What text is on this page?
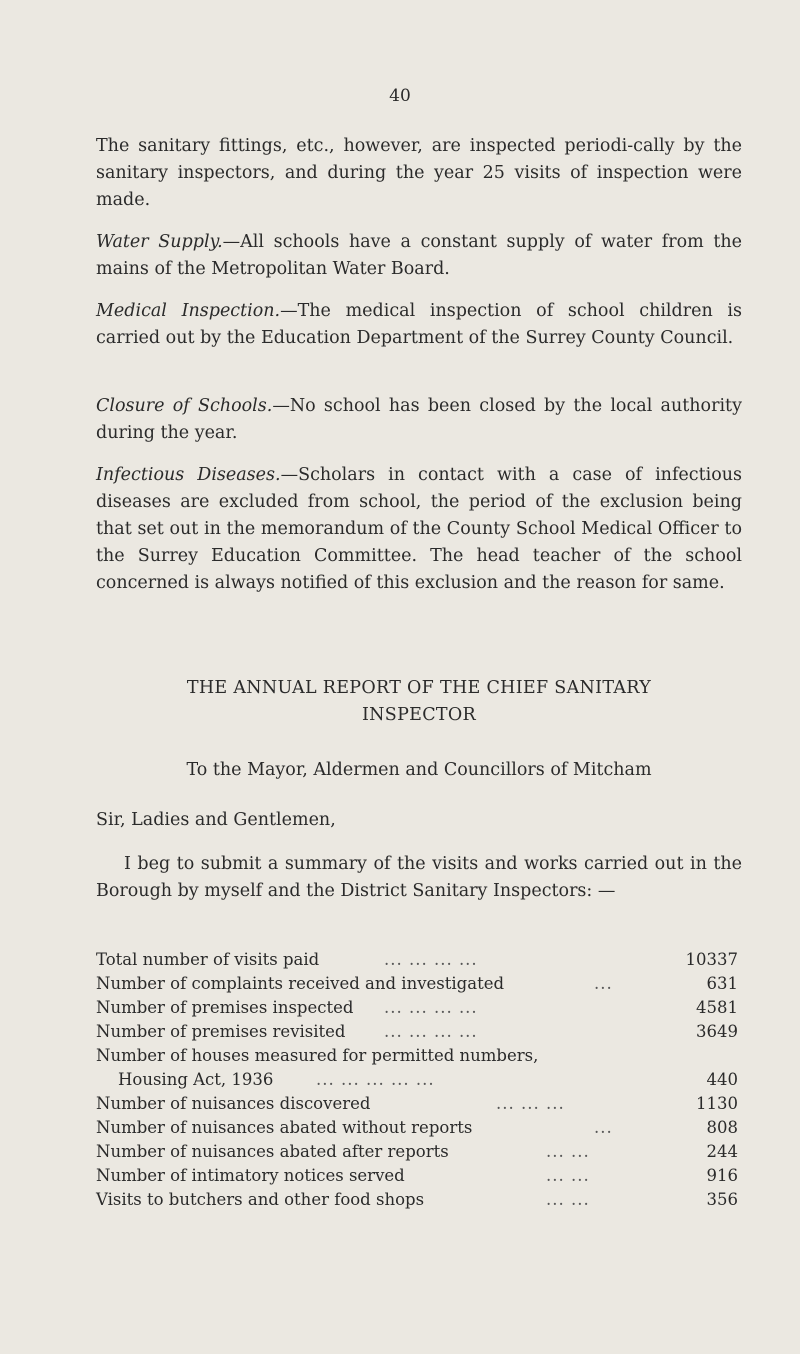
40

The sanitary fittings, etc., however, are inspected periodi-cally by the sanitary inspectors, and during the year 25 visits of inspection were made.

Water Supply.—All schools have a constant supply of water from the mains of the Metropolitan Water Board.

Medical Inspection.—The medical inspection of school children is carried out by the Education Department of the Surrey County Council.

Closure of Schools.—No school has been closed by the local authority during the year.

Infectious Diseases.—Scholars in contact with a case of infectious diseases are excluded from school, the period of the exclusion being that set out in the memorandum of the County School Medical Officer to the Surrey Education Committee. The head teacher of the school concerned is always notified of this exclusion and the reason for same.

THE ANNUAL REPORT OF THE CHIEF SANITARY
INSPECTOR
To the Mayor, Aldermen and Councillors of Mitcham
Sir, Ladies and Gentlemen,

I beg to submit a summary of the visits and works carried out in the Borough by myself and the District Sanitary Inspectors: —

Total number of visits paid	... ... ... ...	10337
Number of complaints received and investigated	...	631
Number of premises inspected ... ... ... ...	4581
Number of premises revisited ... ... ... ...	3649
Number of houses measured for permitted numbers,
Housing Act, 1936	... ... ... ... ...	440
Number of nuisances discovered	... ... ...	1130
Number of nuisances abated without reports	...	808
Number of nuisances abated after reports	... ...	244
Number of intimatory notices served	... ...	916
Visits to butchers and other food shops	... ...	356
